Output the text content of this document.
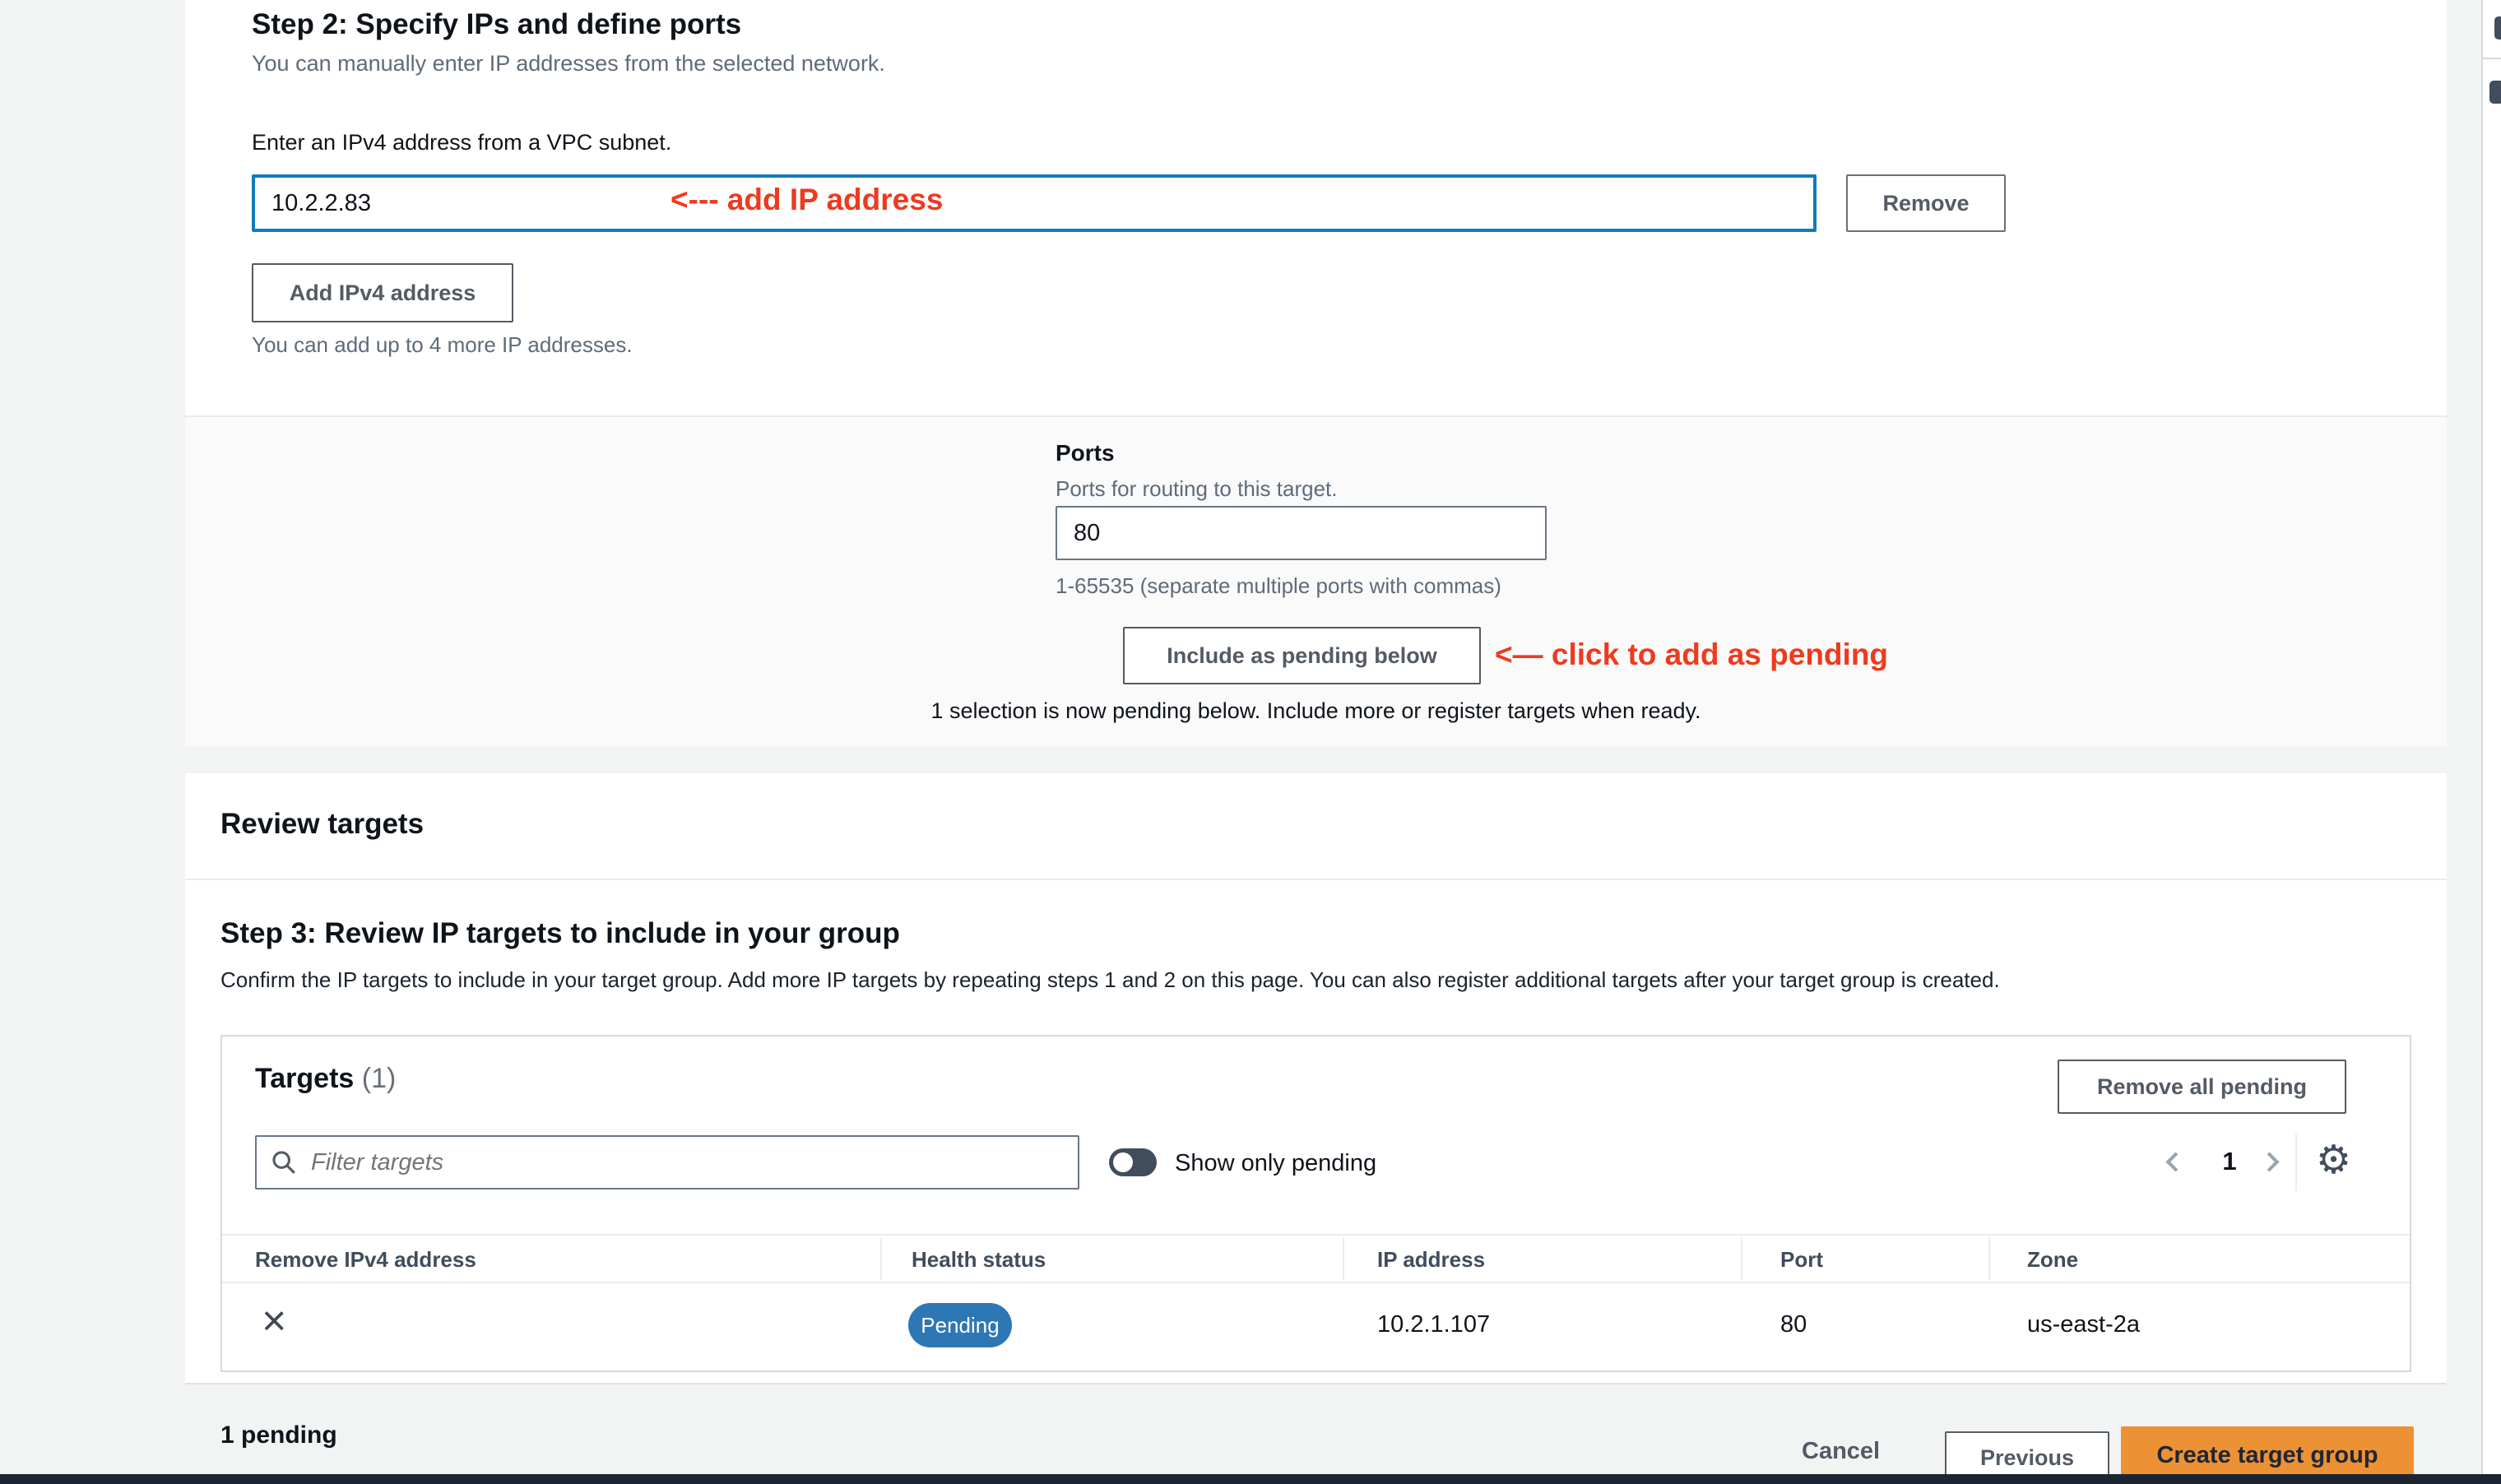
Step 2: Specify IPs and define ports
You can manually enter IP addresses from the selected network.
Enter an IPv4 address from a VPC subnet.
10.2.2.83
<--- add IP address	Remove
Add IPv4 address
You can add up to 4 more IP addresses.
Ports
Ports for routing to this target.
80
1-65535 (separate multiple ports with commas)
Include as pending below	<— click to add as pending
1 selection is now pending below. Include more or register targets when ready.
Review targets
Step 3: Review IP targets to include in your group
Confirm the IP targets to include in your target group. Add more IP targets by repeating steps 1 and 2 on this page. You can also register additional targets after your target group is created.
Targets (1)	Remove all pending
Filter targets
Show only pending	1	⚙
Remove IPv4 address	Health status	IP address	Port	Zone
×	Pending	10.2.1.107	80	us-east-2a
1 pending
Cancel	Previous	Create target group
